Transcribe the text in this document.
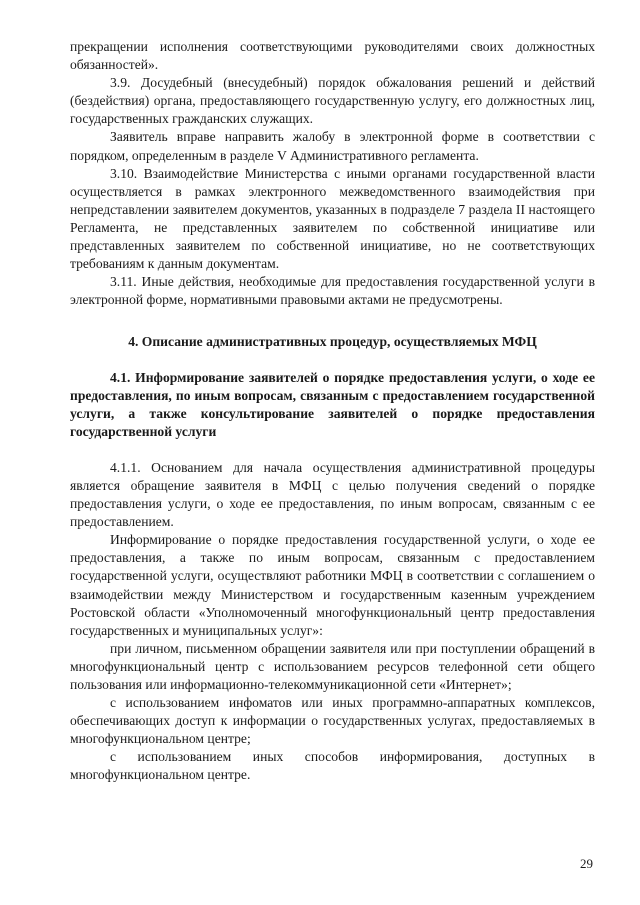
прекращении исполнения соответствующими руководителями своих должностных обязанностей».

3.9. Досудебный (внесудебный) порядок обжалования решений и действий (бездействия) органа, предоставляющего государственную услугу, его должностных лиц, государственных гражданских служащих.

Заявитель вправе направить жалобу в электронной форме в соответствии с порядком, определенным в разделе V Административного регламента.

3.10. Взаимодействие Министерства с иными органами государственной власти осуществляется в рамках электронного межведомственного взаимодействия при непредставлении заявителем документов, указанных в подразделе 7 раздела II настоящего Регламента, не представленных заявителем по собственной инициативе или представленных заявителем по собственной инициативе, но не соответствующих требованиям к данным документам.

3.11. Иные действия, необходимые для предоставления государственной услуги в электронной форме, нормативными правовыми актами не предусмотрены.

4. Описание административных процедур, осуществляемых МФЦ

4.1. Информирование заявителей о порядке предоставления услуги, о ходе ее предоставления, по иным вопросам, связанным с предоставлением государственной услуги, а также консультирование заявителей о порядке предоставления государственной услуги

4.1.1. Основанием для начала осуществления административной процедуры является обращение заявителя в МФЦ с целью получения сведений о порядке предоставления услуги, о ходе ее предоставления, по иным вопросам, связанным с ее предоставлением.

Информирование о порядке предоставления государственной услуги, о ходе ее предоставления, а также по иным вопросам, связанным с предоставлением государственной услуги, осуществляют работники МФЦ в соответствии с соглашением о взаимодействии между Министерством и государственным казенным учреждением Ростовской области «Уполномоченный многофункциональный центр предоставления государственных и муниципальных услуг»:

при личном, письменном обращении заявителя или при поступлении обращений в многофункциональный центр с использованием ресурсов телефонной сети общего пользования или информационно-телекоммуникационной сети «Интернет»;

с использованием инфоматов или иных программно-аппаратных комплексов, обеспечивающих доступ к информации о государственных услугах, предоставляемых в многофункциональном центре;

с использованием иных способов информирования, доступных в многофункциональном центре.

29
